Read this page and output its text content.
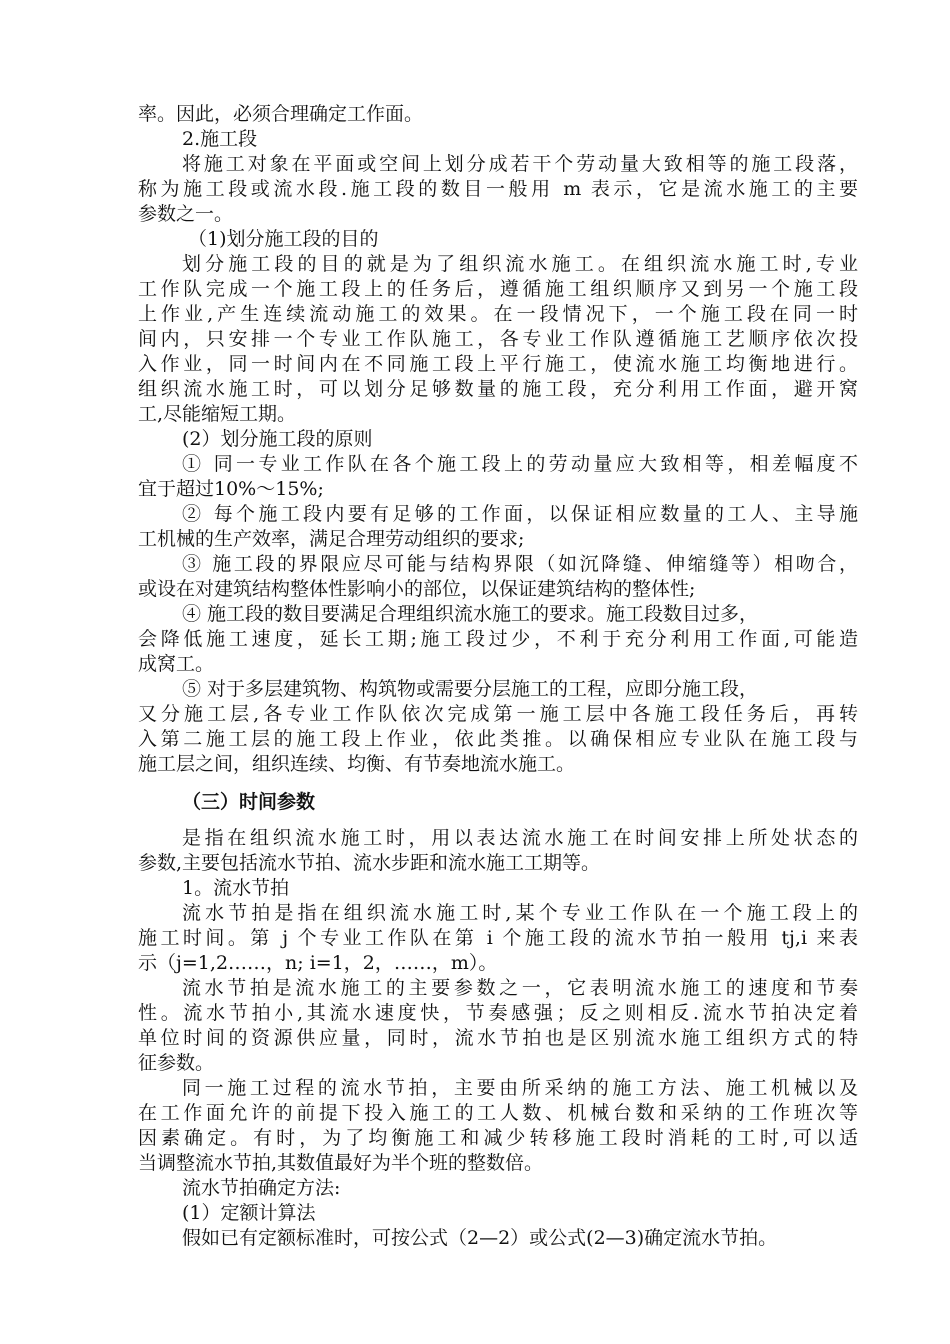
率。因此，必须合理确定工作面。
2.施工段
将施工对象在平面或空间上划分成若干个劳动量大致相等的施工段落，
称为施工段或流水段.施工段的数目一般用 m 表示，它是流水施工的主要
参数之一。
（1)划分施工段的目的
划分施工段的目的就是为了组织流水施工。在组织流水施工时,专业
工作队完成一个施工段上的任务后，遵循施工组织顺序又到另一个施工段
上作业,产生连续流动施工的效果。在一段情况下，一个施工段在同一时
间内，只安排一个专业工作队施工，各专业工作队遵循施工艺顺序依次投
入作业，同一时间内在不同施工段上平行施工，使流水施工均衡地进行。
组织流水施工时，可以划分足够数量的施工段，充分利用工作面，避开窝
工,尽能缩短工期。
(2）划分施工段的原则
① 同一专业工作队在各个施工段上的劳动量应大致相等，相差幅度不
宜于超过10%～15%;
② 每个施工段内要有足够的工作面，以保证相应数量的工人、主导施
工机械的生产效率，满足合理劳动组织的要求;
③ 施工段的界限应尽可能与结构界限（如沉降缝、伸缩缝等）相吻合，
或设在对建筑结构整体性影响小的部位，以保证建筑结构的整体性;
④ 施工段的数目要满足合理组织流水施工的要求。施工段数目过多，
会降低施工速度，延长工期;施工段过少，不利于充分利用工作面,可能造
成窝工。
⑤ 对于多层建筑物、构筑物或需要分层施工的工程，应即分施工段，
又分施工层,各专业工作队依次完成第一施工层中各施工段任务后，再转
入第二施工层的施工段上作业，依此类推。以确保相应专业队在施工段与
施工层之间，组织连续、均衡、有节奏地流水施工。
（三）时间参数
是指在组织流水施工时，用以表达流水施工在时间安排上所处状态的
参数,主要包括流水节拍、流水步距和流水施工工期等。
1。流水节拍
流水节拍是指在组织流水施工时,某个专业工作队在一个施工段上的
施工时间。第 j 个专业工作队在第 i 个施工段的流水节拍一般用 tj,i 来表
示（j=1,2……，n; i=1，2，……，m）。
流水节拍是流水施工的主要参数之一，它表明流水施工的速度和节奏
性。流水节拍小,其流水速度快，节奏感强；反之则相反.流水节拍决定着
单位时间的资源供应量，同时，流水节拍也是区别流水施工组织方式的特
征参数。
同一施工过程的流水节拍，主要由所采纳的施工方法、施工机械以及
在工作面允许的前提下投入施工的工人数、机械台数和采纳的工作班次等
因素确定。有时，为了均衡施工和减少转移施工段时消耗的工时,可以适
当调整流水节拍,其数值最好为半个班的整数倍。
流水节拍确定方法:
(1）定额计算法
假如已有定额标准时，可按公式（2—2）或公式(2—3)确定流水节拍。
